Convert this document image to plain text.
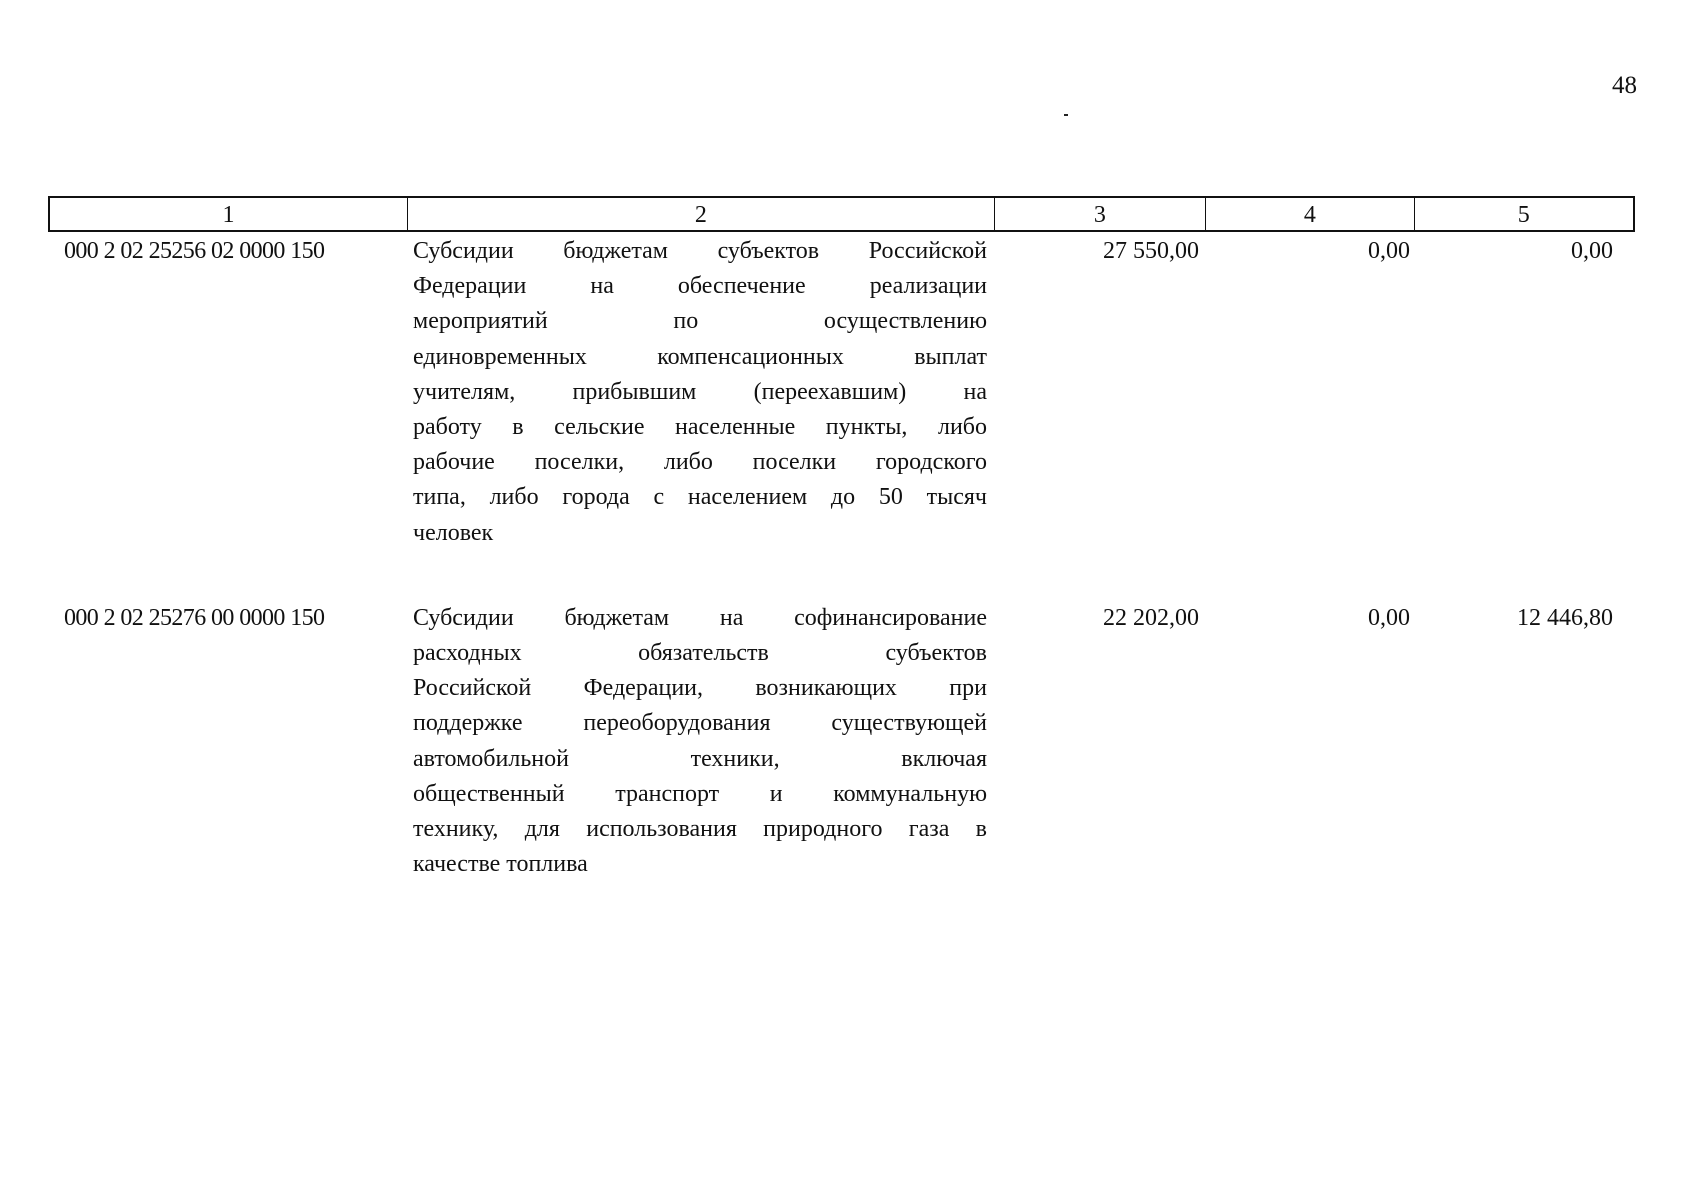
48
1	2	3	4	5
000 2 02 25256 02 0000 150	Субсидии бюджетам субъектов Российской
Федерации на обеспечение реализации
мероприятий по осуществлению
единовременных компенсационных выплат
учителям, прибывшим (переехавшим) на
работу в сельские населенные пункты, либо
рабочие поселки, либо поселки городского
типа, либо города с населением до 50 тысяч
человек
27 550,00	0,00	0,00
000 2 02 25276 00 0000 150	Субсидии бюджетам на софинансирование
расходных обязательств субъектов
Российской Федерации, возникающих при
поддержке переоборудования существующей
автомобильной техники, включая
общественный транспорт и коммунальную
технику, для использования природного газа в
качестве топлива
22 202,00	0,00	12 446,80
